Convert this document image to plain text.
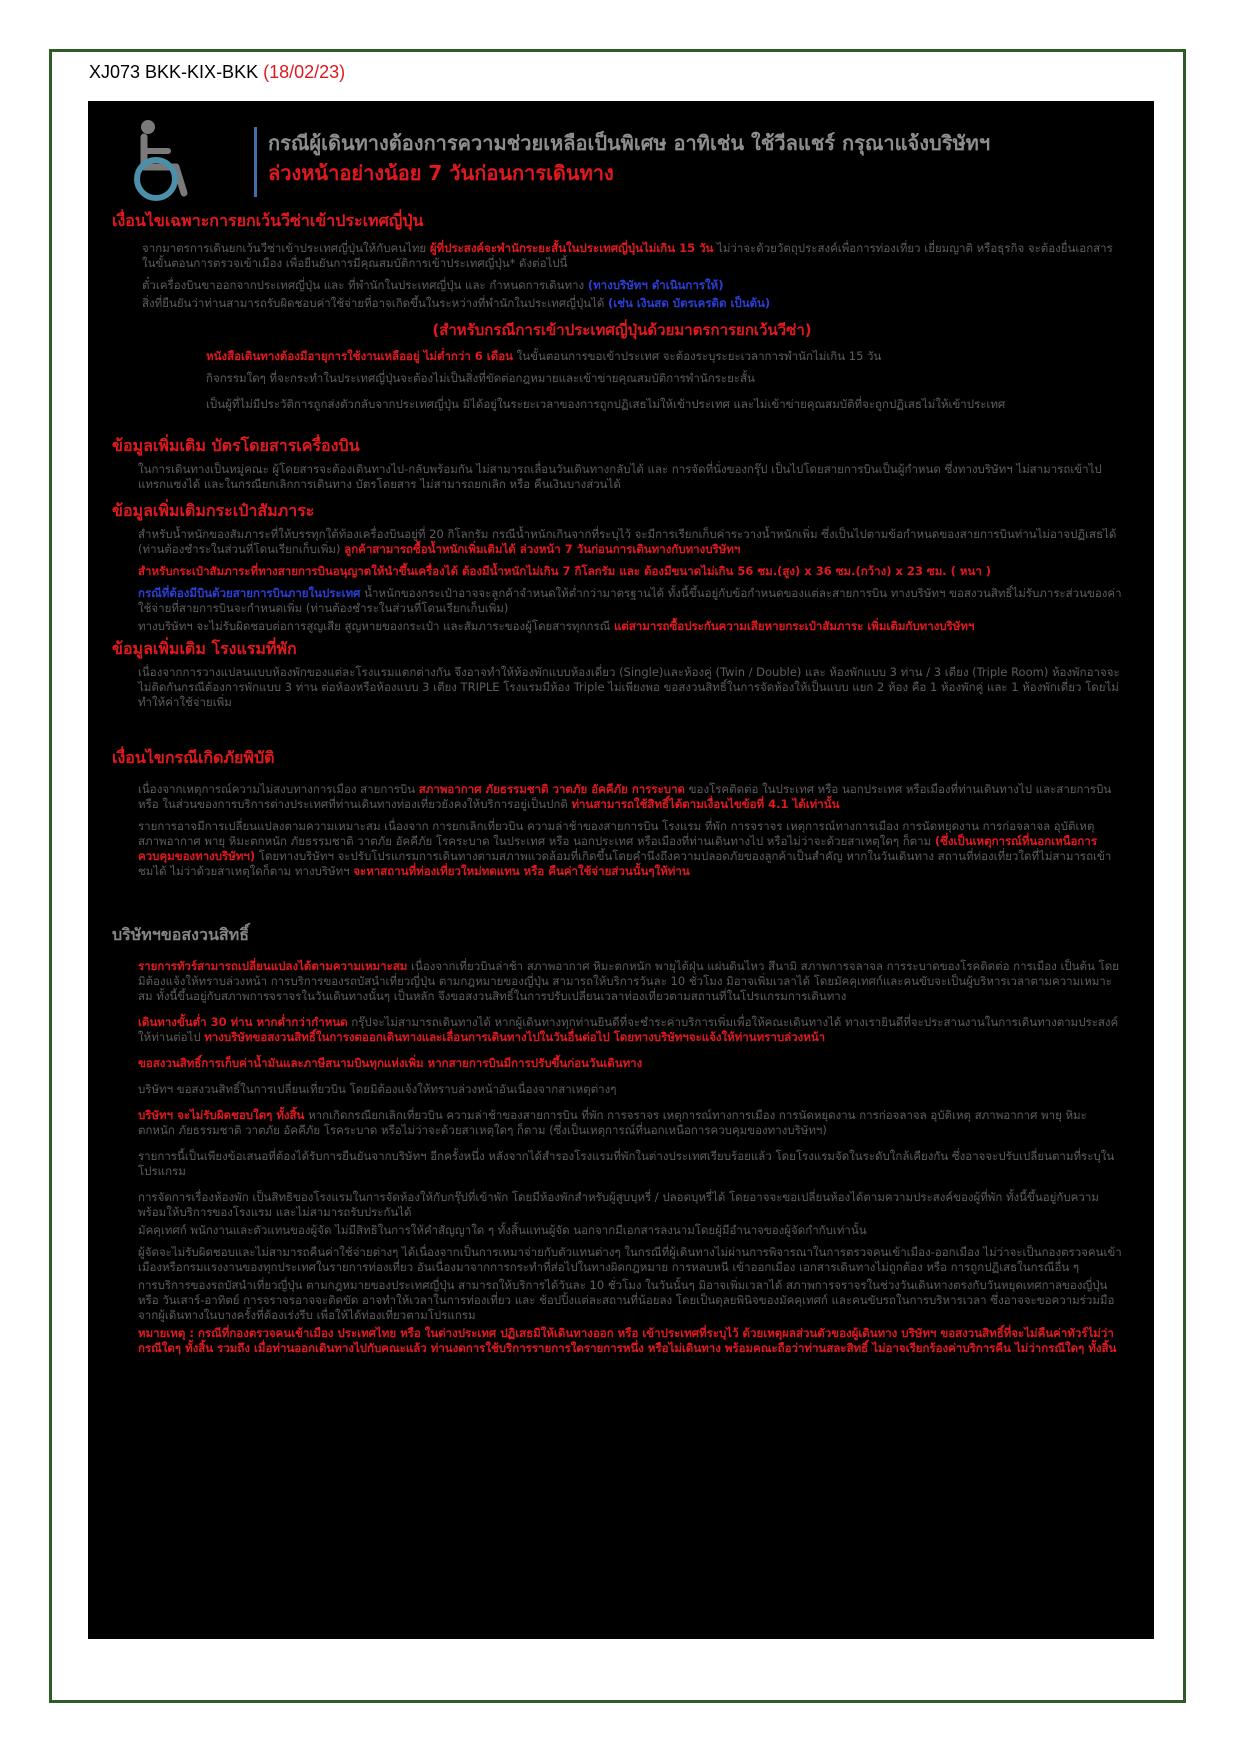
XJ073 BKK-KIX-BKK (18/02/23)
กรณีผู้เดินทางต้องการความช่วยเหลือเป็นพิเศษ อาทิเช่น ใช้วีลแชร์ กรุณาแจ้งบริษัทฯ
ล่วงหน้าอย่างน้อย 7 วันก่อนการเดินทาง

เงื่อนไขเฉพาะการยกเว้นวีซ่าเข้าประเทศญี่ปุ่น

จากมาตรการเดินยกเว้นวีซ่าเข้าประเทศญี่ปุ่นให้กับคนไทย ผู้ที่ประสงค์จะพำนักระยะสั้นในประเทศญี่ปุ่นไม่เกิน 15 วัน ไม่ว่าจะด้วยวัตถุประสงค์เพื่อการท่องเที่ยว เยี่ยมญาติ หรือธุรกิจ จะต้องยื่นเอกสารในขั้นตอนการตรวจเข้าเมือง เพื่อยืนยันการมีคุณสมบัติการเข้าประเทศญี่ปุ่น* ดังต่อไปนี้

ตั๋วเครื่องบินขาออกจากประเทศญี่ปุ่น และ ที่พำนักในประเทศญี่ปุ่น และ กำหนดการเดินทาง (ทางบริษัทฯ ดำเนินการให้)

สิ่งที่ยืนยันว่าท่านสามารถรับผิดชอบค่าใช้จ่ายที่อาจเกิดขึ้นในระหว่างที่พำนักในประเทศญี่ปุ่นได้ (เช่น เงินสด บัตรเครดิต เป็นต้น)

(สำหรับกรณีการเข้าประเทศญี่ปุ่นด้วยมาตรการยกเว้นวีซ่า)

หนังสือเดินทางต้องมีอายุการใช้งานเหลืออยู่ ไม่ต่ำกว่า 6 เดือน ในขั้นตอนการขอเข้าประเทศ จะต้องระบุระยะเวลาการพำนักไม่เกิน 15 วัน

กิจกรรมใดๆ ที่จะกระทำในประเทศญี่ปุ่นจะต้องไม่เป็นสิ่งที่ขัดต่อกฎหมายและเข้าข่ายคุณสมบัติการพำนักระยะสั้น

เป็นผู้ที่ไม่มีประวัติการถูกส่งตัวกลับจากประเทศญี่ปุ่น มิได้อยู่ในระยะเวลาของการถูกปฏิเสธไม่ให้เข้าประเทศ และไม่เข้าข่ายคุณสมบัติที่จะถูกปฏิเสธไม่ให้เข้าประเทศ

ข้อมูลเพิ่มเติม บัตรโดยสารเครื่องบิน

ในการเดินทางเป็นหมู่คณะ ผู้โดยสารจะต้องเดินทางไป-กลับพร้อมกัน ไม่สามารถเลื่อนวันเดินทางกลับได้ และ การจัดที่นั่งของกรุ๊ป เป็นไปโดยสายการบินเป็นผู้กำหนด ซึ่งทางบริษัทฯ ไม่สามารถเข้าไปแทรกแซงได้ และในกรณียกเลิกการเดินทาง บัตรโดยสาร ไม่สามารถยกเลิก หรือ คืนเงินบางส่วนได้

ข้อมูลเพิ่มเติมกระเป๋าสัมภาระ

สำหรับน้ำหนักของสัมภาระที่ให้บรรทุกใต้ท้องเครื่องบินอยู่ที่ 20 กิโลกรัม กรณีน้ำหนักเกินจากที่ระบุไว้ จะมีการเรียกเก็บค่าระวางน้ำหนักเพิ่ม ซึ่งเป็นไปตามข้อกำหนดของสายการบินท่านไม่อาจปฏิเสธได้ (ท่านต้องชำระในส่วนที่โดนเรียกเก็บเพิ่ม) ลูกค้าสามารถซื้อน้ำหนักเพิ่มเติมได้ ล่วงหน้า 7 วันก่อนการเดินทางกับทางบริษัทฯ

สำหรับกระเป๋าสัมภาระที่ทางสายการบินอนุญาตให้นำขึ้นเครื่องได้ ต้องมีน้ำหนักไม่เกิน 7 กิโลกรัม และ ต้องมีขนาดไม่เกิน 56 ซม.(สูง) x 36 ซม.(กว้าง) x 23 ซม. ( หนา )

กรณีที่ต้องมีบินด้วยสายการบินภายในประเทศ น้ำหนักของกระเป๋าอาจจะลูกค้าจำหนดให้ต่ำกว่ามาตรฐานได้ ทั้งนี้ขึ้นอยู่กับข้อกำหนดของแต่ละสายการบิน ทางบริษัทฯ ขอสงวนสิทธิ์ไม่รับภาระส่วนของค่าใช้จ่ายที่สายการบินจะกำหนดเพิ่ม (ท่านต้องชำระในส่วนที่โดนเรียกเก็บเพิ่ม)

ทางบริษัทฯ จะไม่รับผิดชอบต่อการสูญเสีย สูญหายของกระเป๋า และสัมภาระของผู้โดยสารทุกกรณี แต่สามารถซื้อประกันความเสียหายกระเป๋าสัมภาระ เพิ่มเติมกับทางบริษัทฯ

ข้อมูลเพิ่มเติม โรงแรมที่พัก

เนื่องจากการวางแปลนแบบห้องพักของแต่ละโรงแรมแตกต่างกัน จึงอาจทำให้ห้องพักแบบห้องเดี่ยว (Single)และห้องคู่ (Twin / Double) และ ห้องพักแบบ 3 ท่าน / 3 เตียง (Triple Room) ห้องพักอาจจะไม่ติดกันกรณีต้องการพักแบบ 3 ท่าน ต่อห้องหรือห้องแบบ 3 เตียง TRIPLE โรงแรมมีห้อง Triple ไม่เพียงพอ ขอสงวนสิทธิ์ในการจัดห้องให้เป็นแบบ แยก 2 ห้อง คือ 1 ห้องพักคู่ และ 1 ห้องพักเดี่ยว โดยไม่ทำให้ค่าใช้จ่ายเพิ่ม

เงื่อนไขกรณีเกิดภัยพิบัติ

เนื่องจากเหตุการณ์ความไม่สงบทางการเมือง สายการบิน สภาพอากาศ ภัยธรรมชาติ วาตภัย อัคคีภัย การระบาด ของโรคติดต่อ ในประเทศ หรือ นอกประเทศ หรือเมืองที่ท่านเดินทางไป และสายการบิน หรือ ในส่วนของการบริการต่างประเทศที่ท่านเดินทางท่องเที่ยวยังคงให้บริการอยู่เป็นปกติ ท่านสามารถใช้สิทธิ์ได้ตามเงื่อนไขข้อที่ 4.1 ได้เท่านั้น

รายการอาจมีการเปลี่ยนแปลงตามความเหมาะสม เนื่องจาก การยกเลิกเที่ยวบิน ความล่าช้าของสายการบิน โรงแรม ที่พัก การจราจร เหตุการณ์ทางการเมือง การนัดหยุดงาน การก่อจลาจล อุบัติเหตุ สภาพอากาศ พายุ หิมะตกหนัก ภัยธรรมชาติ วาตภัย อัคคีภัย โรคระบาด ในประเทศ หรือ นอกประเทศ หรือเมืองที่ท่านเดินทางไป หรือไม่ว่าจะด้วยสาเหตุใดๆ ก็ตาม (ซึ่งเป็นเหตุการณ์ที่นอกเหนือการควบคุมของทางบริษัทฯ) โดยทางบริษัทฯ จะปรับโปรแกรมการเดินทางตามสภาพแวดล้อมที่เกิดขึ้นโดยคำนึงถึงความปลอดภัยของลูกค้าเป็นสำคัญ หากในวันเดินทาง สถานที่ท่องเที่ยวใดที่ไม่สามารถเข้าชมได้ ไม่ว่าด้วยสาเหตุใดก็ตาม ทางบริษัทฯ จะหาสถานที่ท่องเที่ยวใหม่ทดแทน หรือ คืนค่าใช้จ่ายส่วนนั้นๆให้ท่าน

บริษัทฯขอสงวนสิทธิ์

รายการทัวร์สามารถเปลี่ยนแปลงได้ตามความเหมาะสม เนื่องจากเที่ยวบินล่าช้า สภาพอากาศ หิมะตกหนัก พายุไต้ฝุ่น แผ่นดินไหว สึนามิ สภาพการจลาจล การระบาดของโรคติดต่อ การเมือง เป็นต้น โดยมิต้องแจ้งให้ทราบล่วงหน้า การบริการของรถบัสนำเที่ยวญี่ปุ่น ตามกฎหมายของญี่ปุ่น สามารถให้บริการวันละ 10 ชั่วโมง มิอาจเพิ่มเวลาได้ โดยมัคคุเทศก์และคนขับจะเป็นผู้บริหารเวลาตามความเหมาะสม ทั้งนี้ขึ้นอยู่กับสภาพการจราจรในวันเดินทางนั้นๆ เป็นหลัก จึงขอสงวนสิทธิ์ในการปรับเปลี่ยนเวลาท่องเที่ยวตามสถานที่ในโปรแกรมการเดินทาง

เดินทางขั้นต่ำ 30 ท่าน หากต่ำกว่ากำหนด กรุ๊ปจะไม่สามารถเดินทางได้ หากผู้เดินทางทุกท่านยินดีที่จะชำระค่าบริการเพิ่มเพื่อให้คณะเดินทางได้ ทางเรายินดีที่จะประสานงานในการเดินทางตามประสงค์ให้ท่านต่อไป ทางบริษัทขอสงวนสิทธิ์ในการงดออกเดินทางและเลื่อนการเดินทางไปในวันอื่นต่อไป โดยทางบริษัทฯจะแจ้งให้ท่านทราบล่วงหน้า

ขอสงวนสิทธิ์การเก็บค่าน้ำมันและภาษีสนามบินทุกแห่งเพิ่ม หากสายการบินมีการปรับขึ้นก่อนวันเดินทาง

บริษัทฯ ขอสงวนสิทธิ์ในการเปลี่ยนเที่ยวบิน โดยมิต้องแจ้งให้ทราบล่วงหน้าอันเนื่องจากสาเหตุต่างๆ

บริษัทฯ จะไม่รับผิดชอบใดๆ ทั้งสิ้น หากเกิดกรณียกเลิกเที่ยวบิน ความล่าช้าของสายการบิน ที่พัก การจราจร เหตุการณ์ทางการเมือง การนัดหยุดงาน การก่อจลาจล อุบัติเหตุ สภาพอากาศ พายุ หิมะตกหนัก ภัยธรรมชาติ วาตภัย อัคคีภัย โรคระบาด หรือไม่ว่าจะด้วยสาเหตุใดๆ ก็ตาม (ซึ่งเป็นเหตุการณ์ที่นอกเหนือการควบคุมของทางบริษัทฯ)

รายการนี้เป็นเพียงข้อเสนอที่ต้องได้รับการยืนยันจากบริษัทฯ อีกครั้งหนึ่ง หลังจากได้สำรองโรงแรมที่พักในต่างประเทศเรียบร้อยแล้ว โดยโรงแรมจัดในระดับใกล้เคียงกัน ซึ่งอาจจะปรับเปลี่ยนตามที่ระบุในโปรแกรม

การจัดการเรื่องห้องพัก เป็นสิทธิของโรงแรมในการจัดห้องให้กับกรุ๊ปที่เข้าพัก โดยมีห้องพักสำหรับผู้สูบบุหรี่ / ปลอดบุหรี่ได้ โดยอาจจะขอเปลี่ยนห้องได้ตามความประสงค์ของผู้ที่พัก ทั้งนี้ขึ้นอยู่กับความพร้อมให้บริการของโรงแรม และไม่สามารถรับประกันได้

มัคคุเทศก์ พนักงานและตัวแทนของผู้จัด ไม่มีสิทธิในการให้คำสัญญาใด ๆ ทั้งสิ้นแทนผู้จัด นอกจากมีเอกสารลงนามโดยผู้มีอำนาจของผู้จัดกำกับเท่านั้น

ผู้จัดจะไม่รับผิดชอบและไม่สามารถคืนค่าใช้จ่ายต่างๆ ได้เนื่องจากเป็นการเหมาจ่ายกับตัวแทนต่างๆ ในกรณีที่ผู้เดินทางไม่ผ่านการพิจารณาในการตรวจคนเข้าเมือง-ออกเมือง ไม่ว่าจะเป็นกองตรวจคนเข้าเมืองหรือกรมแรงงานของทุกประเทศในรายการท่องเที่ยว อันเนื่องมาจากการกระทำที่ส่อไปในทางผิดกฎหมาย การหลบหนี เข้าออกเมือง เอกสารเดินทางไม่ถูกต้อง หรือ การถูกปฏิเสธในกรณีอื่น ๆ

การบริการของรถบัสนำเที่ยวญี่ปุ่น ตามกฎหมายของประเทศญี่ปุ่น สามารถให้บริการได้วันละ 10 ชั่วโมง ในวันนั้นๆ มิอาจเพิ่มเวลาได้ สภาพการจราจรในช่วงวันเดินทางตรงกับวันหยุดเทศกาลของญี่ปุ่น หรือ วันเสาร์-อาทิตย์ การจราจรอาจจะติดขัด อาจทำให้เวลาในการท่องเที่ยว และ ช้อปปิ้งแต่ละสถานที่น้อยลง โดยเป็นดุลยพินิจของมัคคุเทศก์ และคนขับรถในการบริหารเวลา ซึ่งอาจจะขอความร่วมมือจากผู้เดินทางในบางครั้งที่ต้องเร่งรีบ เพื่อให้ได้ท่องเที่ยวตามโปรแกรม

หมายเหตุ : กรณีที่กองตรวจคนเข้าเมือง ประเทศไทย หรือ ในต่างประเทศ ปฏิเสธมิให้เดินทางออก หรือ เข้าประเทศที่ระบุไว้ ด้วยเหตุผลส่วนตัวของผู้เดินทาง บริษัทฯ ขอสงวนสิทธิ์ที่จะไม่คืนค่าทัวร์ไม่ว่ากรณีใดๆ ทั้งสิ้น รวมถึง เมื่อท่านออกเดินทางไปกับคณะแล้ว ท่านงดการใช้บริการรายการใดรายการหนึ่ง หรือไม่เดินทาง พร้อมคณะถือว่าท่านสละสิทธิ์ ไม่อาจเรียกร้องค่าบริการคืน ไม่ว่ากรณีใดๆ ทั้งสิ้น
